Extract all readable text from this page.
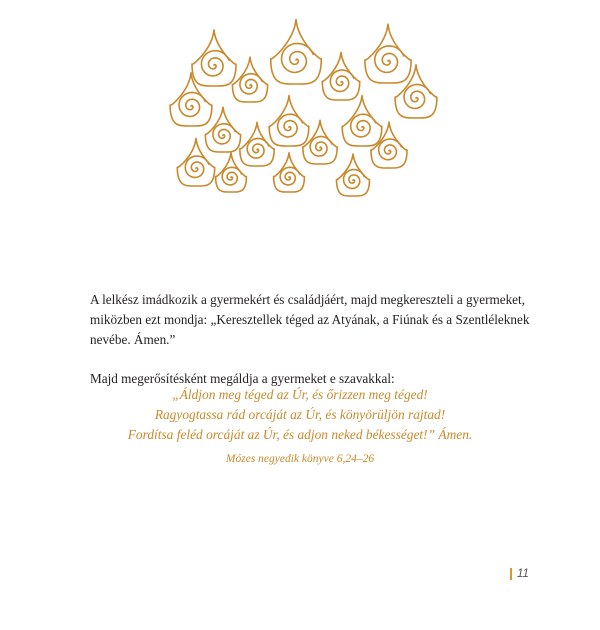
A lelkész imádkozik a gyermekért és családjáért, majd megkereszteli a gyermeket, miközben ezt mondja: „Keresztellek téged az Atyának, a Fiúnak és a Szentléleknek nevébe. Ámen.”

Majd megerősítésként megáldja a gyermeket e szavakkal:

„Áldjon meg téged az Úr, és őrizzen meg téged!
Ragyogtassa rád orcáját az Úr, és könyörüljön rajtad!
Fordítsa feléd orcáját az Úr, és adjon neked békességet!” Ámen.
Mózes negyedik könyve 6,24–26
11
